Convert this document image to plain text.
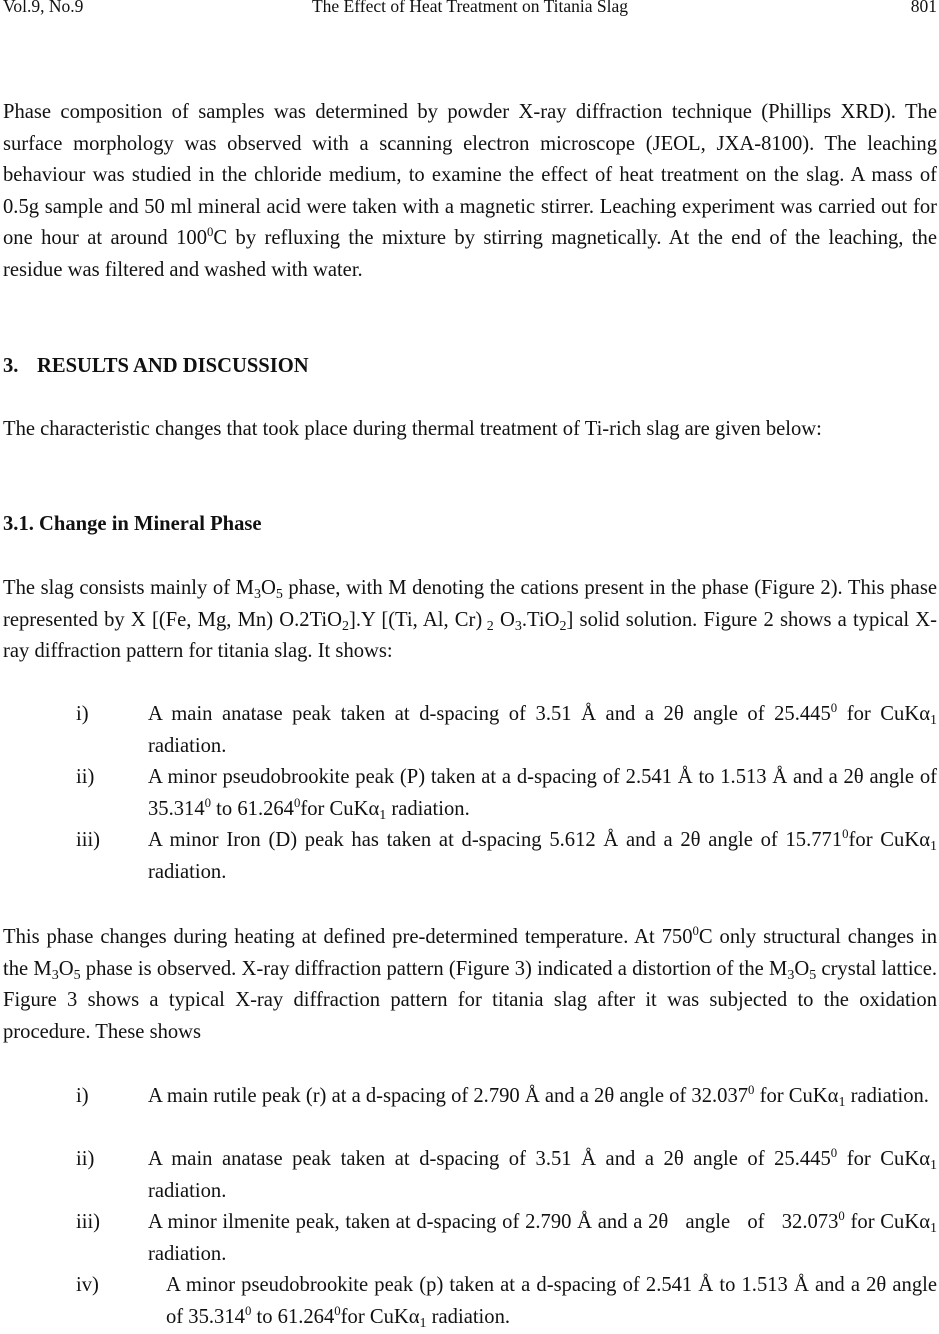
Vol.9, No.9	The Effect of Heat Treatment on Titania Slag	801

Phase composition of samples was determined by powder X-ray diffraction technique (Phillips XRD). The surface morphology was observed with a scanning electron microscope (JEOL, JXA-8100). The leaching behaviour was studied in the chloride medium, to examine the effect of heat treatment on the slag. A mass of 0.5g sample and 50 ml mineral acid were taken with a magnetic stirrer. Leaching experiment was carried out for one hour at around $100^0C$ by refluxing the mixture by stirring magnetically. At the end of the leaching, the residue was filtered and washed with water.

3. RESULTS AND DISCUSSION

The characteristic changes that took place during thermal treatment of Ti-rich slag are given below:

3.1. Change in Mineral Phase

The slag consists mainly of $M_3O_5$ phase, with M denoting the cations present in the phase (Figure 2). This phase represented by X [(Fe, Mg, Mn) O.2TiO$_2$].Y [(Ti, Al, Cr) $_2$ $O_3.TiO_2$] solid solution. Figure 2 shows a typical X-ray diffraction pattern for titania slag. It shows:

i)	A main anatase peak taken at d-spacing of 3.51 Å and a 2θ angle of 25.445$^0$ for CuKα$_1$ radiation.
ii)	A minor pseudobrookite peak (P) taken at a d-spacing of 2.541 Å to 1.513 Å and a 2θ angle of 35.314$^0$ to 61.264$^0$for CuKα$_1$ radiation.
iii) A minor Iron (D) peak has taken at d-spacing 5.612 Å and a 2θ angle of 15.771$^0$for CuKα$_1$ radiation.

This phase changes during heating at defined pre-determined temperature. At $750^0C$ only structural changes in the $M_3O_5$ phase is observed. X-ray diffraction pattern (Figure 3) indicated a distortion of the $M_3O_5$ crystal lattice. Figure 3 shows a typical X-ray diffraction pattern for titania slag after it was subjected to the oxidation procedure. These shows

i)	A main rutile peak (r) at a d-spacing of 2.790 Å and a 2θ angle of 32.037$^0$ for CuKα$_1$ radiation.
ii)	A main anatase peak taken at d-spacing of 3.51 Å and a 2θ angle of 25.445$^0$ for CuKα$_1$ radiation.
iii) A minor ilmenite peak, taken at d-spacing of 2.790 Å and a 2θ   angle   of   32.073$^0$ for CuKα$_1$ radiation.
iv)	A minor pseudobrookite peak (p) taken at a d-spacing of 2.541 Å to 1.513 Å and a 2θ angle of 35.314$^0$ to 61.264$^0$for CuKα$_1$ radiation.
